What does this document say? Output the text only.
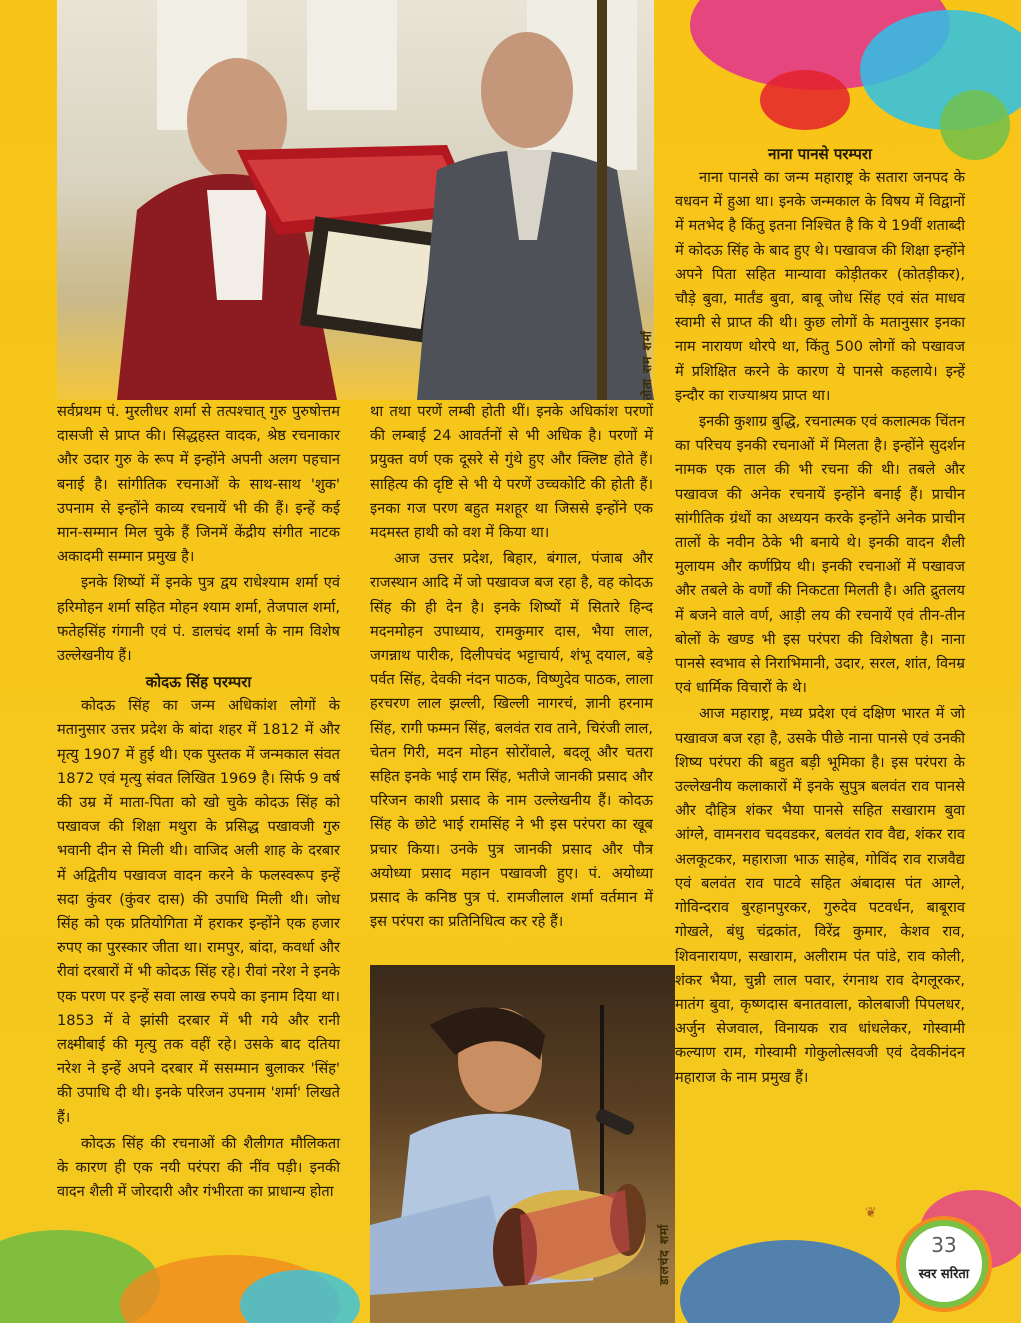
तोता राम शर्मा
डालचंद शर्मा

सर्वप्रथम पं. मुरलीधर शर्मा से तत्पश्चात् गुरु पुरुषोत्तम दासजी से प्राप्त की। सिद्धहस्त वादक, श्रेष्ठ रचनाकार और उदार गुरु के रूप में इन्होंने अपनी अलग पहचान बनाई है। सांगीतिक रचनाओं के साथ-साथ 'शुक' उपनाम से इन्होंने काव्य रचनायें भी की हैं। इन्हें कई मान-सम्मान मिल चुके हैं जिनमें केंद्रीय संगीत नाटक अकादमी सम्मान प्रमुख है।

इनके शिष्यों में इनके पुत्र द्वय राधेश्याम शर्मा एवं हरिमोहन शर्मा सहित मोहन श्याम शर्मा, तेजपाल शर्मा, फतेहसिंह गंगानी एवं पं. डालचंद शर्मा के नाम विशेष उल्लेखनीय हैं।

कोदऊ सिंह परम्परा

कोदऊ सिंह का जन्म अधिकांश लोगों के मतानुसार उत्तर प्रदेश के बांदा शहर में 1812 में और मृत्यु 1907 में हुई थी। एक पुस्तक में जन्मकाल संवत 1872 एवं मृत्यु संवत लिखित 1969 है। सिर्फ 9 वर्ष की उम्र में माता-पिता को खो चुके कोदऊ सिंह को पखावज की शिक्षा मथुरा के प्रसिद्ध पखावजी गुरु भवानी दीन से मिली थी। वाजिद अली शाह के दरबार में अद्वितीय पखावज वादन करने के फलस्वरूप इन्हें सदा कुंवर (कुंवर दास) की उपाधि मिली थी। जोध सिंह को एक प्रतियोगिता में हराकर इन्होंने एक हजार रुपए का पुरस्कार जीता था। रामपुर, बांदा, कवर्धा और रीवां दरबारों में भी कोदऊ सिंह रहे। रीवां नरेश ने इनके एक परण पर इन्हें सवा लाख रुपये का इनाम दिया था। 1853 में वे झांसी दरबार में भी गये और रानी लक्ष्मीबाई की मृत्यु तक वहीं रहे। उसके बाद दतिया नरेश ने इन्हें अपने दरबार में ससम्मान बुलाकर 'सिंह' की उपाधि दी थी। इनके परिजन उपनाम 'शर्मा' लिखते हैं।

कोदऊ सिंह की रचनाओं की शैलीगत मौलिकता के कारण ही एक नयी परंपरा की नींव पड़ी। इनकी वादन शैली में जोरदारी और गंभीरता का प्राधान्य होता

था तथा परणें लम्बी होती थीं। इनके अधिकांश परणों की लम्बाई 24 आवर्तनों से भी अधिक है। परणों में प्रयुक्त वर्ण एक दूसरे से गुंथे हुए और क्लिष्ट होते हैं। साहित्य की दृष्टि से भी ये परणें उच्चकोटि की होती हैं। इनका गज परण बहुत मशहूर था जिससे इन्होंने एक मदमस्त हाथी को वश में किया था।

आज उत्तर प्रदेश, बिहार, बंगाल, पंजाब और राजस्थान आदि में जो पखावज बज रहा है, वह कोदऊ सिंह की ही देन है। इनके शिष्यों में सितारे हिन्द मदनमोहन उपाध्याय, रामकुमार दास, भैया लाल, जगन्नाथ पारीक, दिलीपचंद भट्टाचार्य, शंभू दयाल, बड़े पर्वत सिंह, देवकी नंदन पाठक, विष्णुदेव पाठक, लाला हरचरण लाल झल्ली, खिल्ली नागरचं, ज्ञानी हरनाम सिंह, रागी फम्मन सिंह, बलवंत राव ताने, चिरंजी लाल, चेतन गिरी, मदन मोहन सोरोंवाले, बदलू और चतरा सहित इनके भाई राम सिंह, भतीजे जानकी प्रसाद और परिजन काशी प्रसाद के नाम उल्लेखनीय हैं। कोदऊ सिंह के छोटे भाई रामसिंह ने भी इस परंपरा का खूब प्रचार किया। उनके पुत्र जानकी प्रसाद और पौत्र अयोध्या प्रसाद महान पखावजी हुए। पं. अयोध्या प्रसाद के कनिष्ठ पुत्र पं. रामजीलाल शर्मा वर्तमान में इस परंपरा का प्रतिनिधित्व कर रहे हैं।

नाना पानसे परम्परा

नाना पानसे का जन्म महाराष्ट्र के सतारा जनपद के वधवन में हुआ था। इनके जन्मकाल के विषय में विद्वानों में मतभेद है किंतु इतना निश्चित है कि ये 19वीं शताब्दी में कोदऊ सिंह के बाद हुए थे। पखावज की शिक्षा इन्होंने अपने पिता सहित मान्यावा कोड़ीतकर (कोतड़ीकर), चौड़े बुवा, मार्तंड बुवा, बाबू जोध सिंह एवं संत माधव स्वामी से प्राप्त की थी। कुछ लोगों के मतानुसार इनका नाम नारायण थोरपे था, किंतु 500 लोगों को पखावज में प्रशिक्षित करने के कारण ये पानसे कहलाये। इन्हें इन्दौर का राज्याश्रय प्राप्त था।

इनकी कुशाग्र बुद्धि, रचनात्मक एवं कलात्मक चिंतन का परिचय इनकी रचनाओं में मिलता है। इन्होंने सुदर्शन नामक एक ताल की भी रचना की थी। तबले और पखावज की अनेक रचनायें इन्होंने बनाई हैं। प्राचीन सांगीतिक ग्रंथों का अध्ययन करके इन्होंने अनेक प्राचीन तालों के नवीन ठेके भी बनाये थे। इनकी वादन शैली मुलायम और कर्णप्रिय थी। इनकी रचनाओं में पखावज और तबले के वर्णों की निकटता मिलती है। अति द्रुतलय में बजने वाले वर्ण, आड़ी लय की रचनायें एवं तीन-तीन बोलों के खण्ड भी इस परंपरा की विशेषता है। नाना पानसे स्वभाव से निराभिमानी, उदार, सरल, शांत, विनम्र एवं धार्मिक विचारों के थे।

आज महाराष्ट्र, मध्य प्रदेश एवं दक्षिण भारत में जो पखावज बज रहा है, उसके पीछे नाना पानसे एवं उनकी शिष्य परंपरा की बहुत बड़ी भूमिका है। इस परंपरा के उल्लेखनीय कलाकारों में इनके सुपुत्र बलवंत राव पानसे और दौहित्र शंकर भैया पानसे सहित सखाराम बुवा आंग्ले, वामनराव चदवडकर, बलवंत राव वैद्य, शंकर राव अलकूटकर, महाराजा भाऊ साहेब, गोविंद राव राजवैद्य एवं बलवंत राव पाटवे सहित अंबादास पंत आग्ले, गोविन्दराव बुरहानपुरकर, गुरुदेव पटवर्धन, बाबूराव गोखले, बंधु चंद्रकांत, विरेंद्र कुमार, केशव राव, शिवनारायण, सखाराम, अलीराम पंत पांडे, राव कोली, शंकर भैया, चुन्नी लाल पवार, रंगनाथ राव देगलूरकर, मातंग बुवा, कृष्णदास बनातवाला, कोलबाजी पिपलधर, अर्जुन सेजवाल, विनायक राव धांधलेकर, गोस्वामी कल्याण राम, गोस्वामी गोकुलोत्सवजी एवं देवकीनंदन महाराज के नाम प्रमुख हैं।

❦
33
स्वर सरिता
